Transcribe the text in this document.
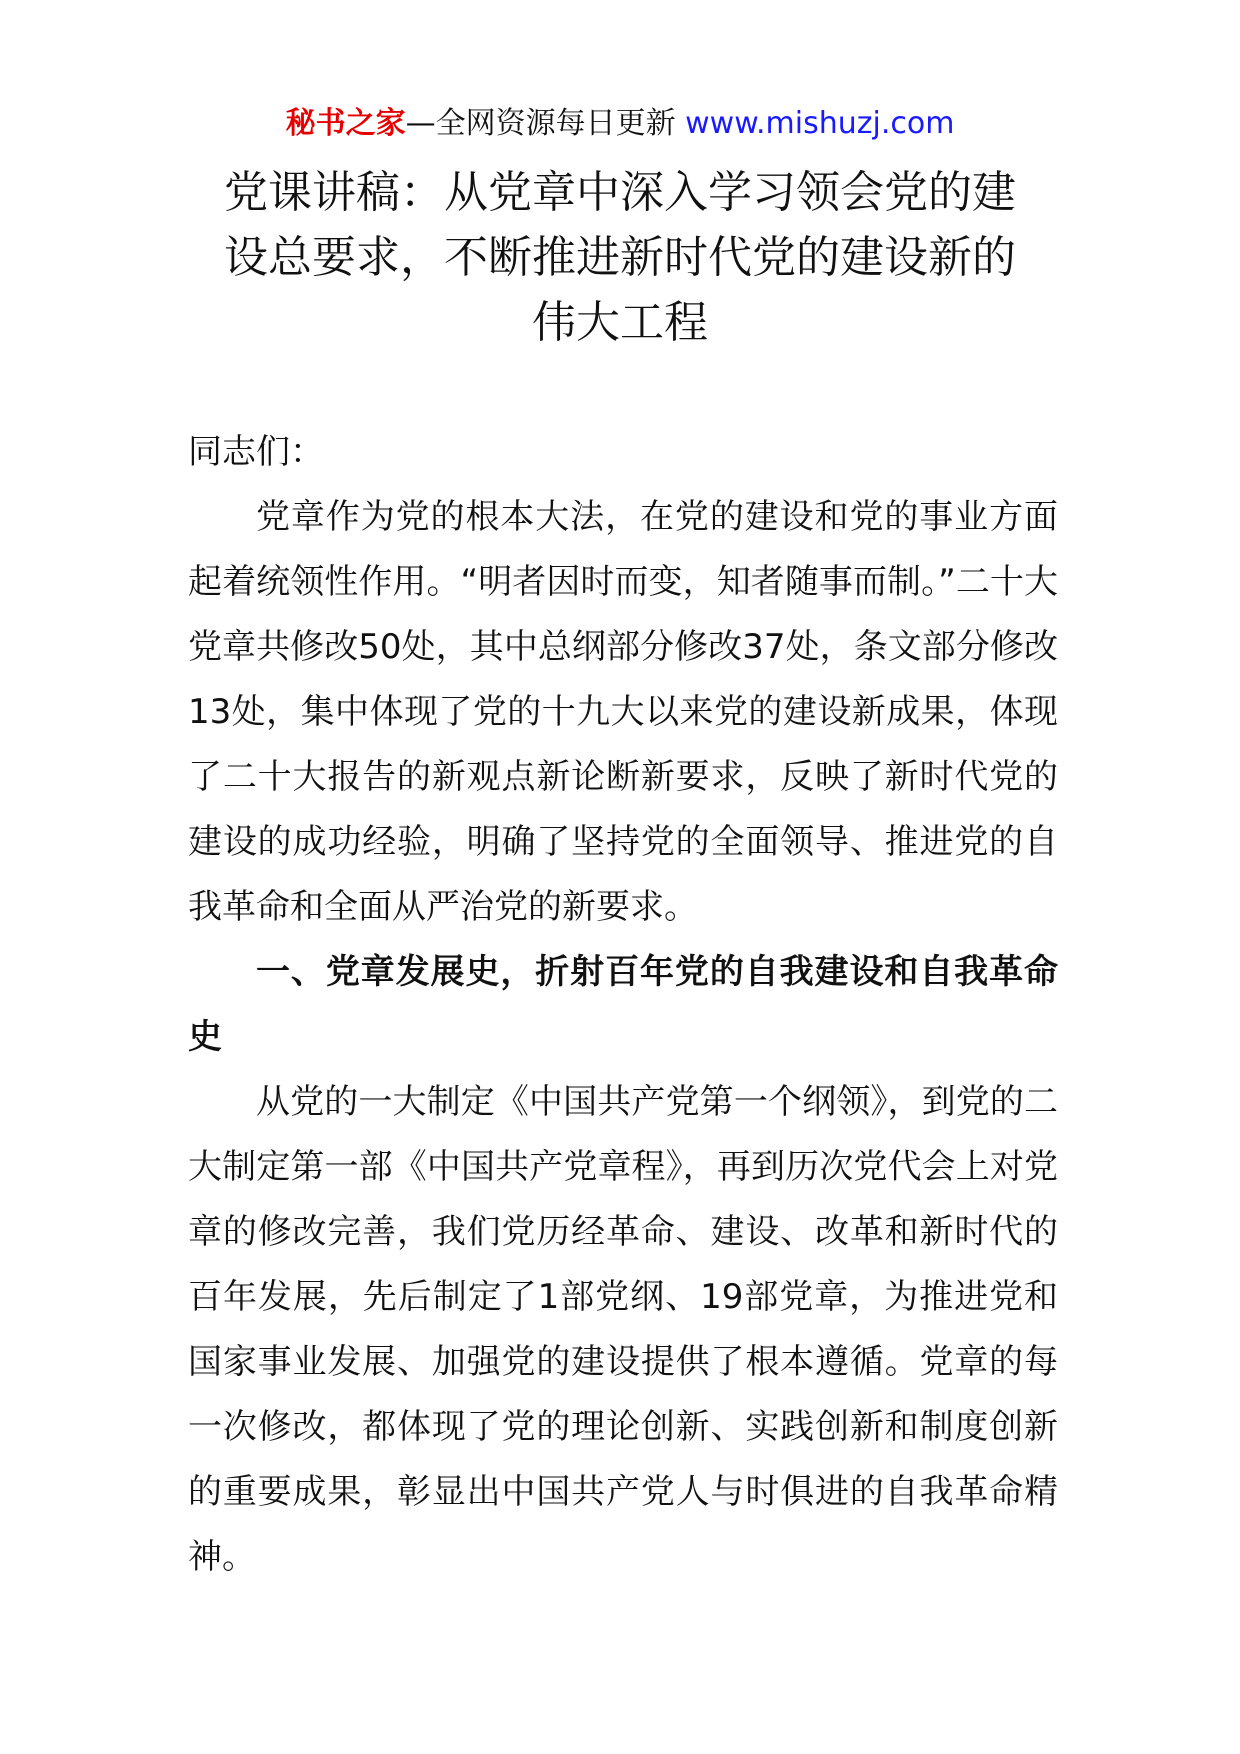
秘书之家—全网资源每日更新 www.mishuzj.com
党课讲稿：从党章中深入学习领会党的建设总要求，不断推进新时代党的建设新的伟大工程

同志们：

党章作为党的根本大法，在党的建设和党的事业方面起着统领性作用。“明者因时而变，知者随事而制。”二十大党章共修改50处，其中总纲部分修改37处，条文部分修改13处，集中体现了党的十九大以来党的建设新成果，体现了二十大报告的新观点新论断新要求，反映了新时代党的建设的成功经验，明确了坚持党的全面领导、推进党的自我革命和全面从严治党的新要求。

一、党章发展史，折射百年党的自我建设和自我革命史

从党的一大制定《中国共产党第一个纲领》，到党的二大制定第一部《中国共产党章程》，再到历次党代会上对党章的修改完善，我们党历经革命、建设、改革和新时代的百年发展，先后制定了1部党纲、19部党章，为推进党和国家事业发展、加强党的建设提供了根本遵循。党章的每一次修改，都体现了党的理论创新、实践创新和制度创新的重要成果，彰显出中国共产党人与时俱进的自我革命精神。
